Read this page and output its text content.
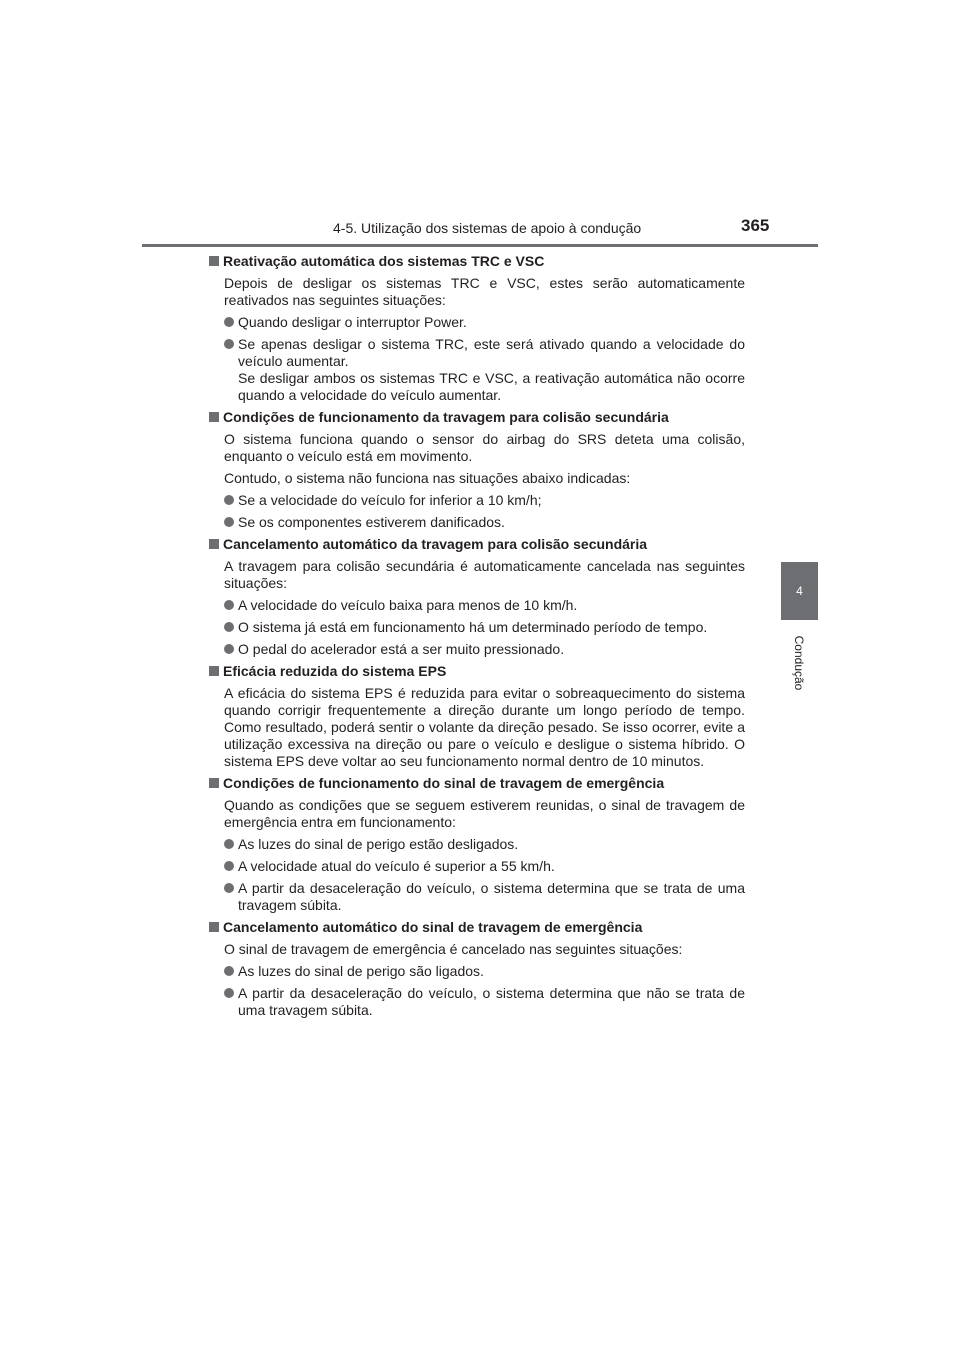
4-5. Utilização dos sistemas de apoio à condução	365
4
Condução
Reativação automática dos sistemas TRC e VSC
Depois de desligar os sistemas TRC e VSC, estes serão automaticamente reativados nas seguintes situações:
Quando desligar o interruptor Power.
Se apenas desligar o sistema TRC, este será ativado quando a velocidade do veículo aumentar.
Se desligar ambos os sistemas TRC e VSC, a reativação automática não ocorre quando a velocidade do veículo aumentar.
Condições de funcionamento da travagem para colisão secundária
O sistema funciona quando o sensor do airbag do SRS deteta uma colisão, enquanto o veículo está em movimento.
Contudo, o sistema não funciona nas situações abaixo indicadas:
Se a velocidade do veículo for inferior a 10 km/h;
Se os componentes estiverem danificados.
Cancelamento automático da travagem para colisão secundária
A travagem para colisão secundária é automaticamente cancelada nas seguintes situações:
A velocidade do veículo baixa para menos de 10 km/h.
O sistema já está em funcionamento há um determinado período de tempo.
O pedal do acelerador está a ser muito pressionado.
Eficácia reduzida do sistema EPS
A eficácia do sistema EPS é reduzida para evitar o sobreaquecimento do sistema quando corrigir frequentemente a direção durante um longo período de tempo. Como resultado, poderá sentir o volante da direção pesado. Se isso ocorrer, evite a utilização excessiva na direção ou pare o veículo e desligue o sistema híbrido. O sistema EPS deve voltar ao seu funcionamento normal dentro de 10 minutos.
Condições de funcionamento do sinal de travagem de emergência
Quando as condições que se seguem estiverem reunidas, o sinal de travagem de emergência entra em funcionamento:
As luzes do sinal de perigo estão desligados.
A velocidade atual do veículo é superior a 55 km/h.
A partir da desaceleração do veículo, o sistema determina que se trata de uma travagem súbita.
Cancelamento automático do sinal de travagem de emergência
O sinal de travagem de emergência é cancelado nas seguintes situações:
As luzes do sinal de perigo são ligados.
A partir da desaceleração do veículo, o sistema determina que não se trata de uma travagem súbita.
